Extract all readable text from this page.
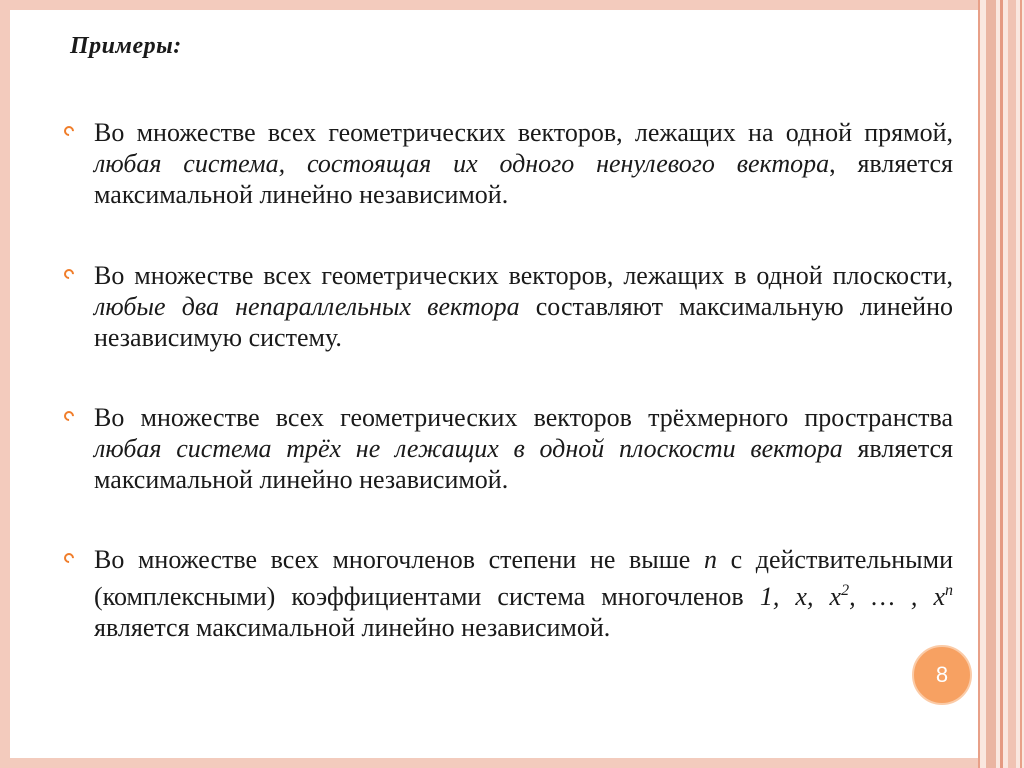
Примеры:
Во множестве всех геометрических векторов, лежащих на одной прямой, любая система, состоящая их одного ненулевого вектора, является максимальной линейно независимой.
Во множестве всех геометрических векторов, лежащих в одной плоскости, любые два непараллельных вектора составляют максимальную линейно независимую систему.
Во множестве всех геометрических векторов трёхмерного пространства любая система трёх не лежащих в одной плоскости вектора является максимальной линейно независимой.
Во множестве всех многочленов степени не выше n с действительными (комплексными) коэффициентами система многочленов 1, x, $x^2$, … , $x^n$ является максимальной линейно независимой.
8
